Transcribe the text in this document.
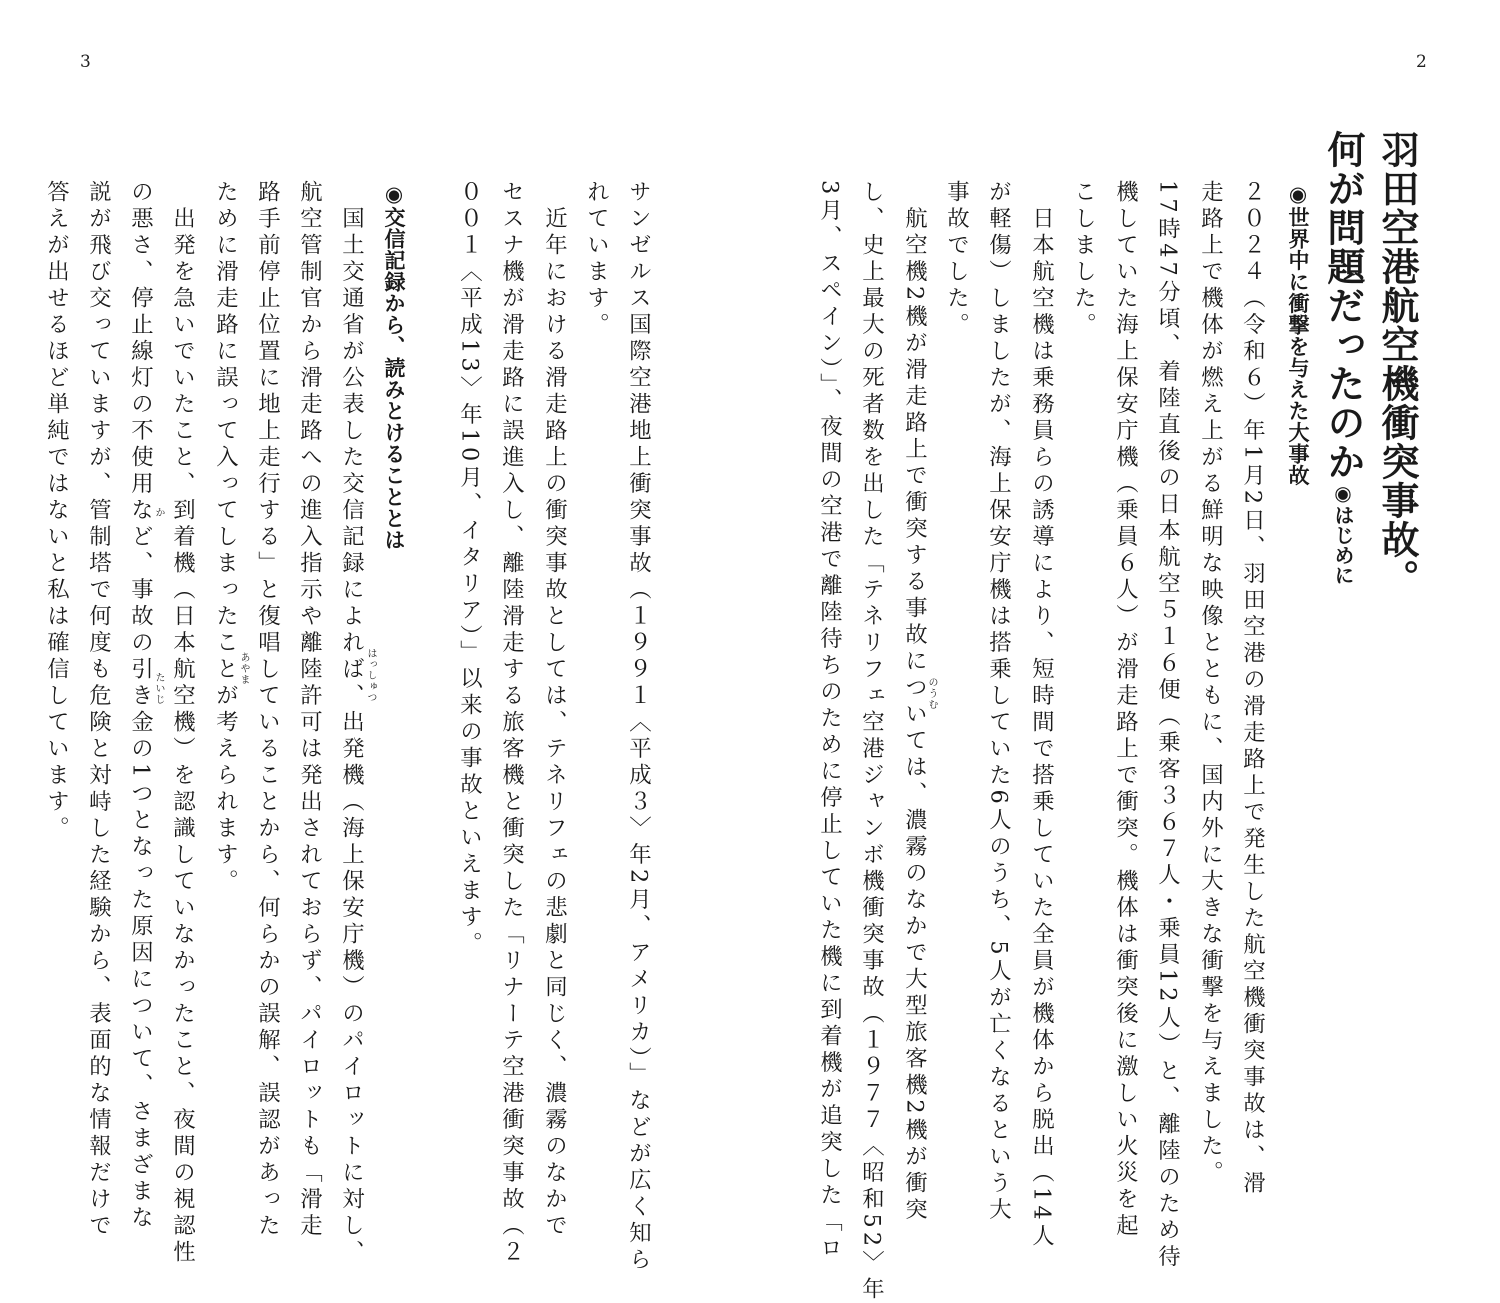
3	2
羽田空港航空機衝突事故。
何が問題だったのか◉はじめに
◉世界中に衝撃を与えた大事故
２０２４（令和６）年1月2日、羽田空港の滑走路上で発生した航空機衝突事故は、滑
走路上で機体が燃え上がる鮮明な映像とともに、国内外に大きな衝撃を与えました。
17時47分頃、着陸直後の日本航空５１６便（乗客３６７人・乗員12人）と、離陸のため待
機していた海上保安庁機（乗員６人）が滑走路上で衝突。機体は衝突後に激しい火災を起
こしました。
　日本航空機は乗務員らの誘導により、短時間で搭乗していた全員が機体から脱出（14人
が軽傷）しましたが、海上保安庁機は搭乗していた6人のうち、5人が亡くなるという大
事故でした。
　航空機2機が滑走路上で衝突する事故については、濃霧のなかで大型旅客機2機が衝突
し、史上最大の死者数を出した「テネリフェ空港ジャンボ機衝突事故（１９７７〈昭和52〉年
3月、スペイン）」、夜間の空港で離陸待ちのために停止していた機に到着機が追突した「ロ
サンゼルス国際空港地上衝突事故（１９９１〈平成３〉年2月、アメリカ）」などが広く知ら
れています。
　近年における滑走路上の衝突事故としては、テネリフェの悲劇と同じく、濃霧のなかで
セスナ機が滑走路に誤進入し、離陸滑走する旅客機と衝突した「リナーテ空港衝突事故（２
００１〈平成13〉年10月、イタリア）」以来の事故といえます。
◉交信記録から、読みとけることとは
　国土交通省が公表した交信記録によれば、出発機（海上保安庁機）のパイロットに対し、
航空管制官から滑走路への進入指示や離陸許可は発出されておらず、パイロットも「滑走
路手前停止位置に地上走行する」と復唱していることから、何らかの誤解、誤認があった
ために滑走路に誤って入ってしまったことが考えられます。
　出発を急いでいたこと、到着機（日本航空機）を認識していなかったこと、夜間の視認性
の悪さ、停止線灯の不使用など、事故の引き金の1つとなった原因について、さまざまな
説が飛び交っていますが、管制塔で何度も危険と対峙した経験から、表面的な情報だけで
答えが出せるほど単純ではないと私は確信しています。	のうむ
はっしゅつ
あやま
か
たいじ
